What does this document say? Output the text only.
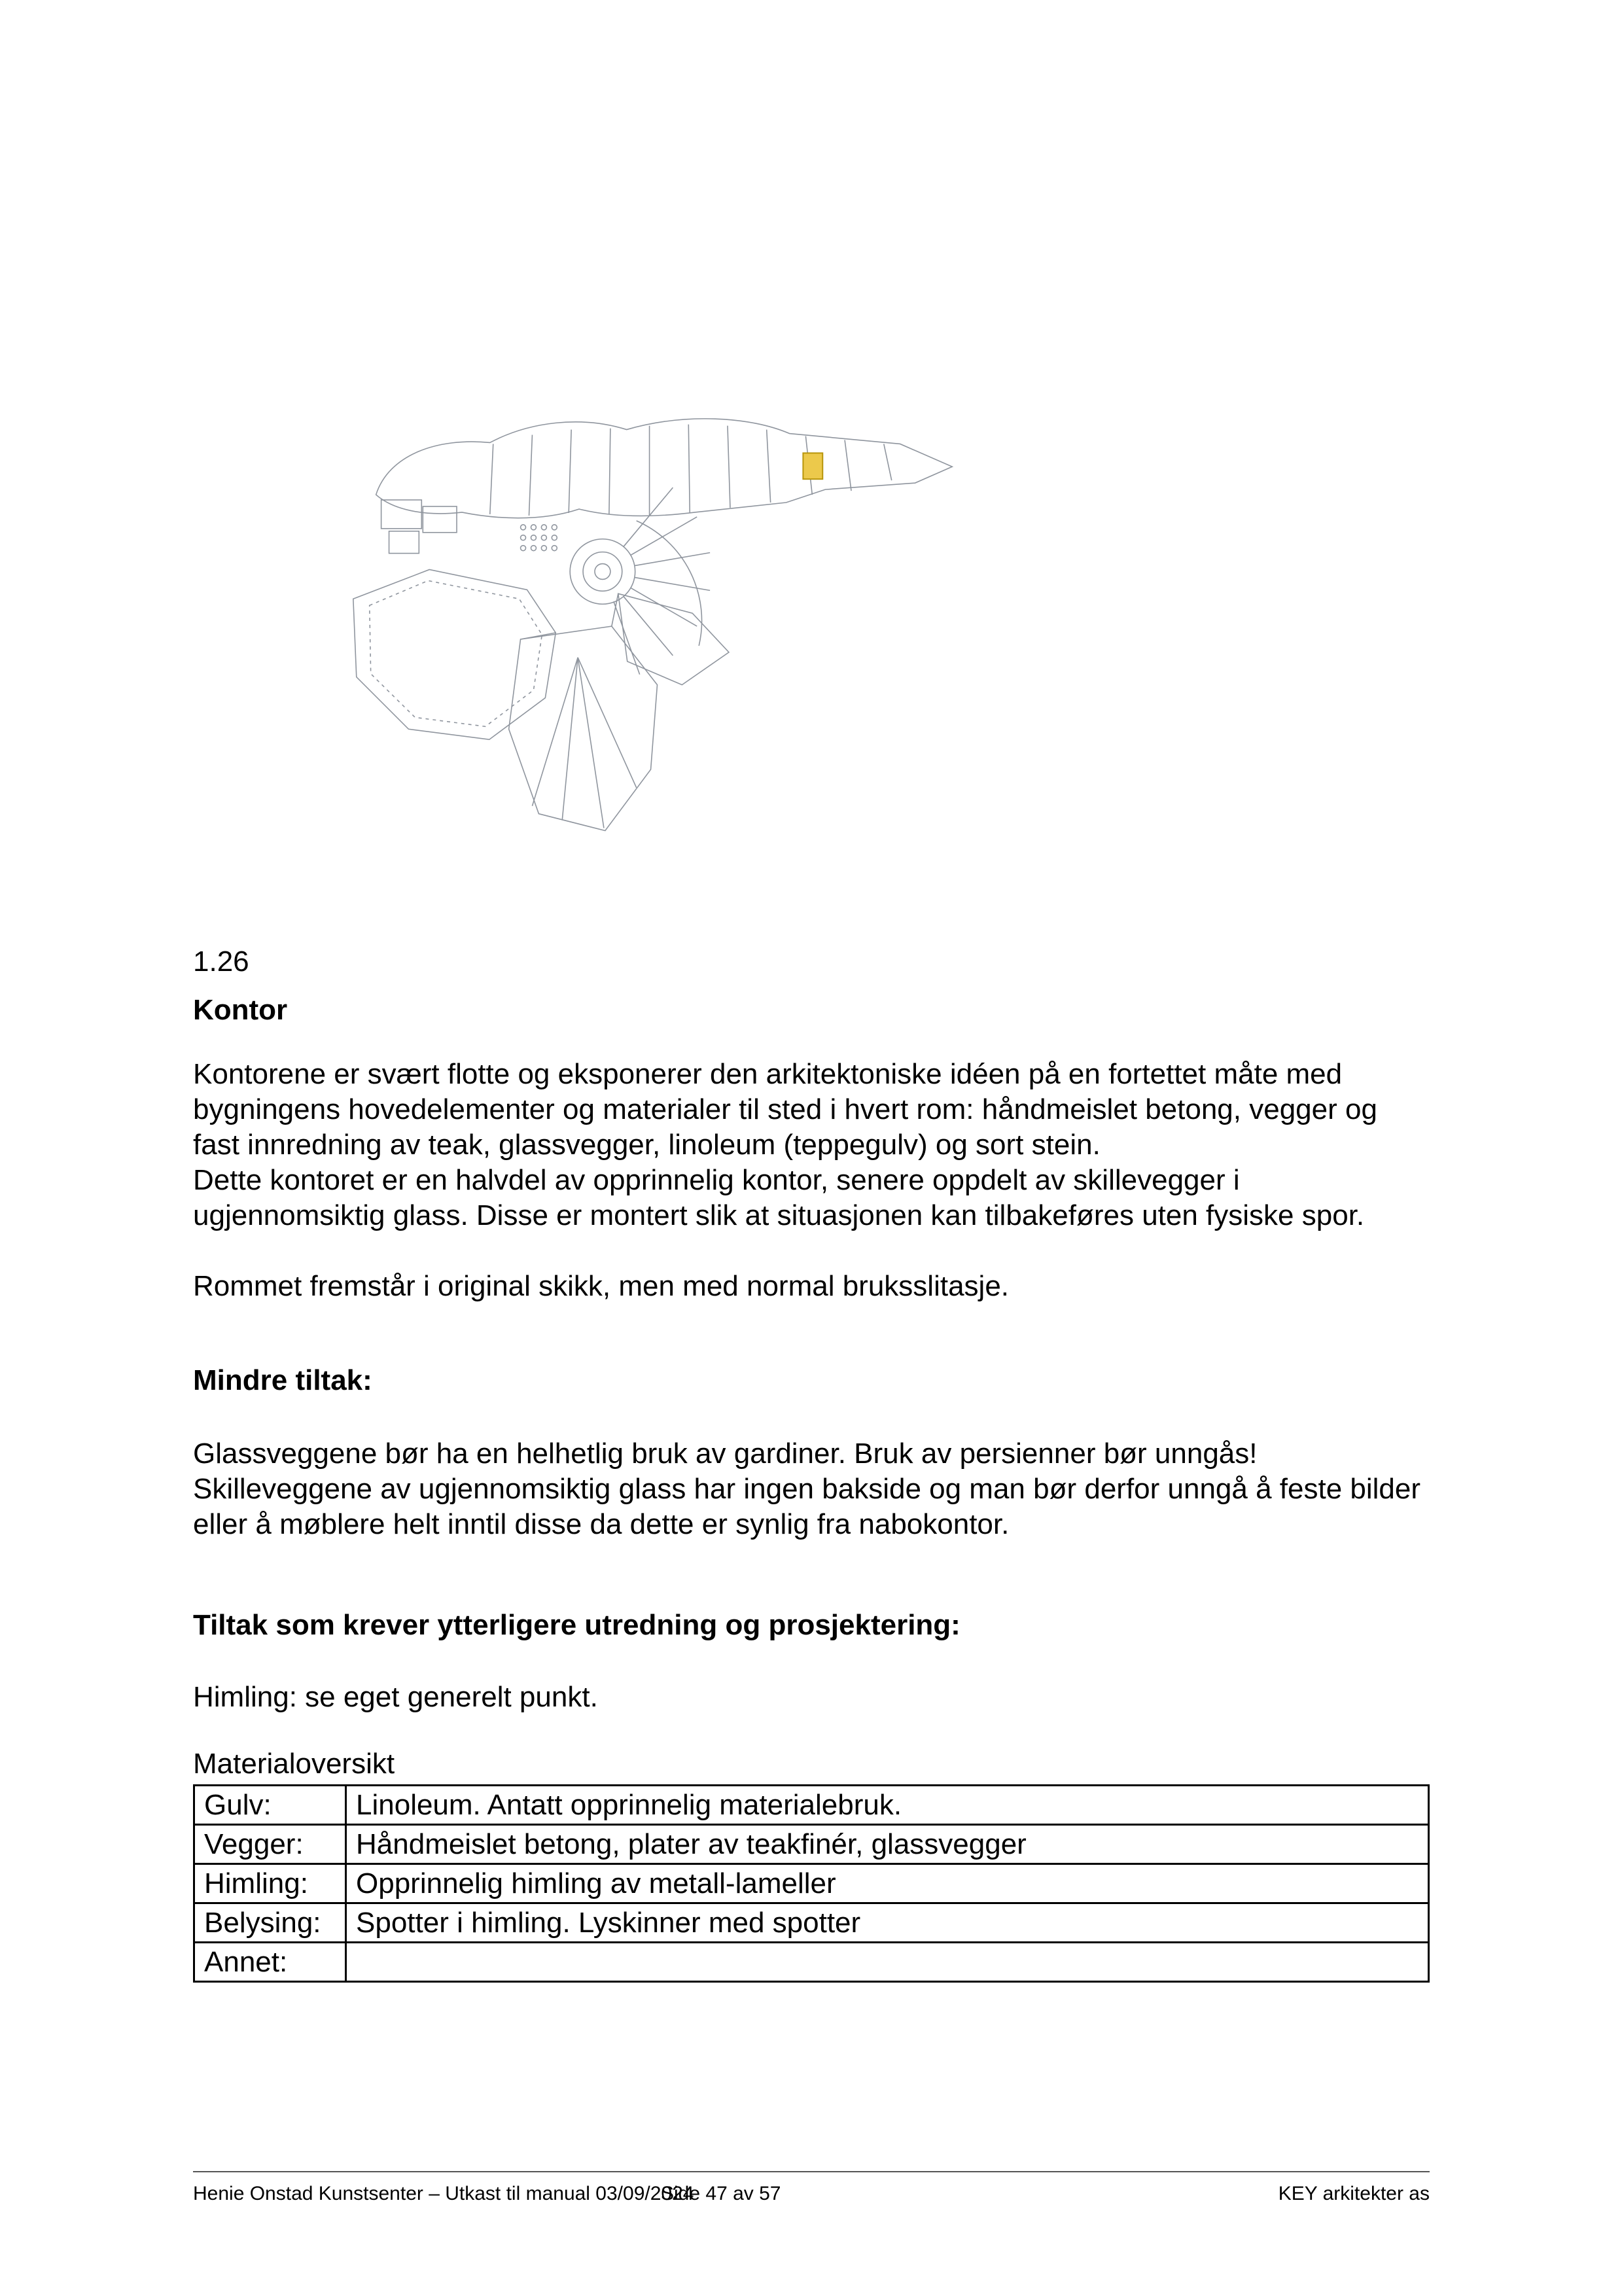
1.26
Kontor

Kontorene er svært flotte og eksponerer den arkitektoniske idéen på en fortettet måte med bygningens hovedelementer og materialer til sted i hvert rom: håndmeislet betong, vegger og fast innredning av teak, glassvegger, linoleum (teppegulv) og sort stein.

Dette kontoret er en halvdel av opprinnelig kontor, senere oppdelt av skillevegger i ugjennomsiktig glass. Disse er montert slik at situasjonen kan tilbakeføres uten fysiske spor.

Rommet fremstår i original skikk, men med normal bruksslitasje.

Mindre tiltak:

Glassveggene bør ha en helhetlig bruk av gardiner. Bruk av persienner bør unngås! Skilleveggene av ugjennomsiktig glass har ingen bakside og man bør derfor unngå å feste bilder eller å møblere helt inntil disse da dette er synlig fra nabokontor.

Tiltak som krever ytterligere utredning og prosjektering:

Himling: se eget generelt punkt.

Materialoversikt
Gulv:	Linoleum. Antatt opprinnelig materialebruk.
Vegger:	Håndmeislet betong, plater av teakfinér, glassvegger
Himling:	Opprinnelig himling av metall-lameller
Belysing:	Spotter i himling. Lyskinner med spotter
Annet:	
Henie Onstad Kunstsenter – Utkast til manual 03/09/2024
Side 47 av 57	KEY arkitekter as
